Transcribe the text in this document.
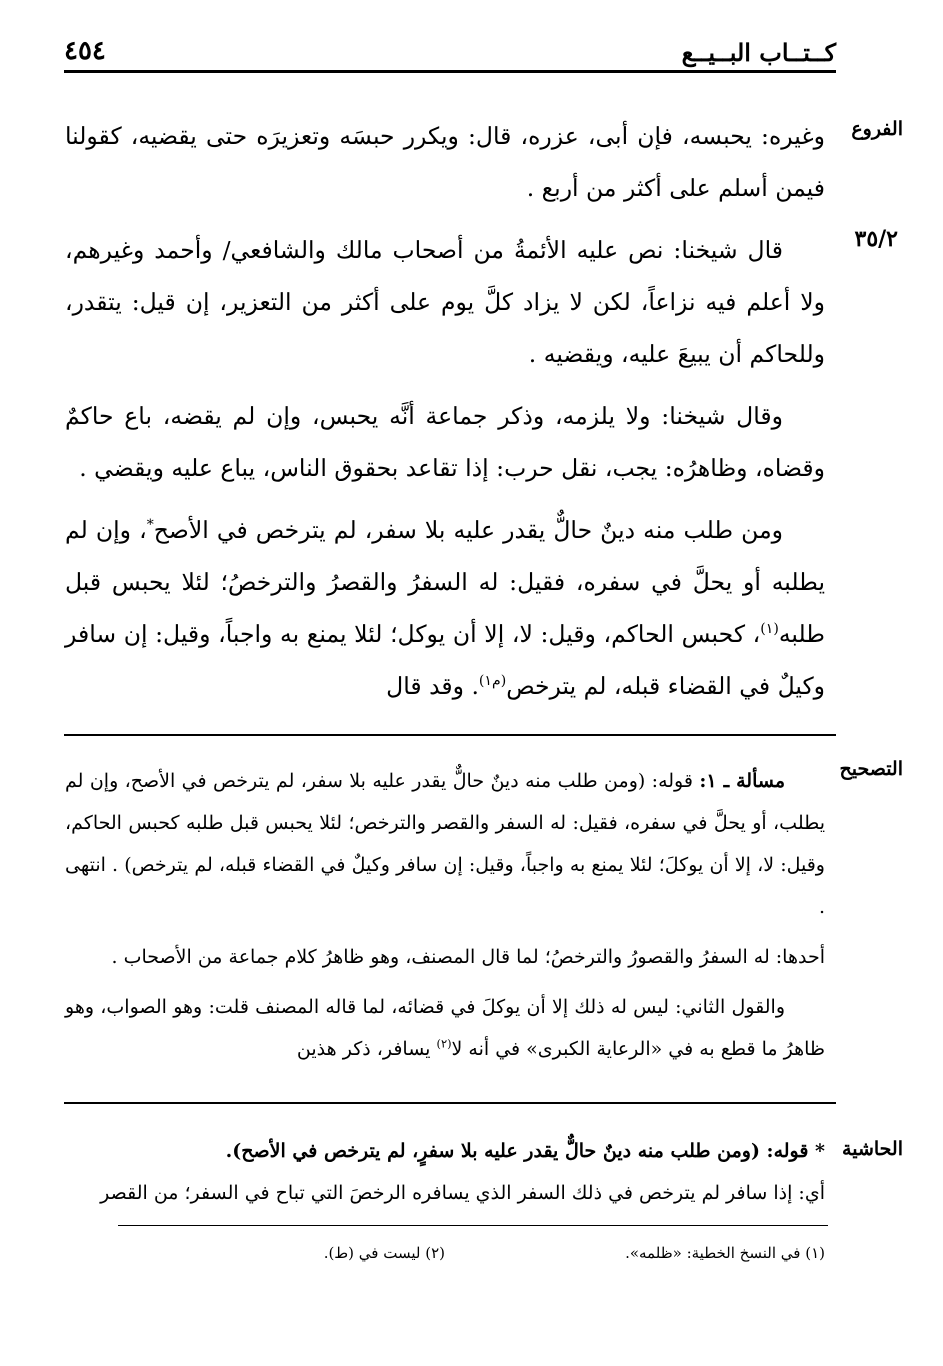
كــتــاب البــيــع
٤٥٤
الفروع
٣٥/٢
التصحيح
الحاشية

وغيره: يحبسه، فإن أبى، عزره، قال: ويكرر حبسَه وتعزيرَه حتى يقضيه، كقولنا فيمن أسلم على أكثر من أربع .

قال شيخنا: نص عليه الأئمةُ من أصحاب مالك والشافعي/ وأحمد وغيرهم، ولا أعلم فيه نزاعاً، لكن لا يزاد كلَّ يوم على أكثر من التعزير، إن قيل: يتقدر، وللحاكم أن يبيعَ عليه، ويقضيه .

وقال شيخنا: ولا يلزمه، وذكر جماعة أنَّه يحبس، وإن لم يقضه، باع حاكمٌ وقضاه، وظاهرُه: يجب، نقل حرب: إذا تقاعد بحقوق الناس، يباع عليه ويقضي .

ومن طلب منه دينٌ حالٌّ يقدر عليه بلا سفر، لم يترخص في الأصح*، وإن لم يطلبه أو يحلَّ في سفره، فقيل: له السفرُ والقصرُ والترخصُ؛ لئلا يحبس قبل طلبه$^{(١)}$، كحبس الحاكم، وقيل: لا، إلا أن يوكل؛ لئلا يمنع به واجباً، وقيل: إن سافر وكيلٌ في القضاء قبله، لم يترخص$^{(م١)}$. وقد قال

مسألة ـ ١: قوله: (ومن طلب منه دينٌ حالٌّ يقدر عليه بلا سفر، لم يترخص في الأصح، وإن لم يطلب، أو يحلَّ في سفره، فقيل: له السفر والقصر والترخص؛ لئلا يحبس قبل طلبه كحبس الحاكم، وقيل: لا، إلا أن يوكلَ؛ لئلا يمنع به واجباً، وقيل: إن سافر وكيلٌ في القضاء قبله، لم يترخص) . انتهى .

أحدها: له السفرُ والقصورُ والترخصُ؛ لما قال المصنف، وهو ظاهرُ كلام جماعة من الأصحاب .

والقول الثاني: ليس له ذلك إلا أن يوكلَ في قضائه، لما قاله المصنف قلت: وهو الصواب، وهو ظاهرُ ما قطع به في «الرعاية الكبرى» في أنه لا$^{(٢)}$ يسافر، ذكر هذين

* قوله: (ومن طلب منه دينٌ حالٌّ يقدر عليه بلا سفرٍ، لم يترخص في الأصح).

أي: إذا سافر لم يترخص في ذلك السفر الذي يسافره الرخصَ التي تباح في السفر؛ من القصر

(١) في النسخ الخطية: «ظلمه».
(٢) ليست في (ط).
